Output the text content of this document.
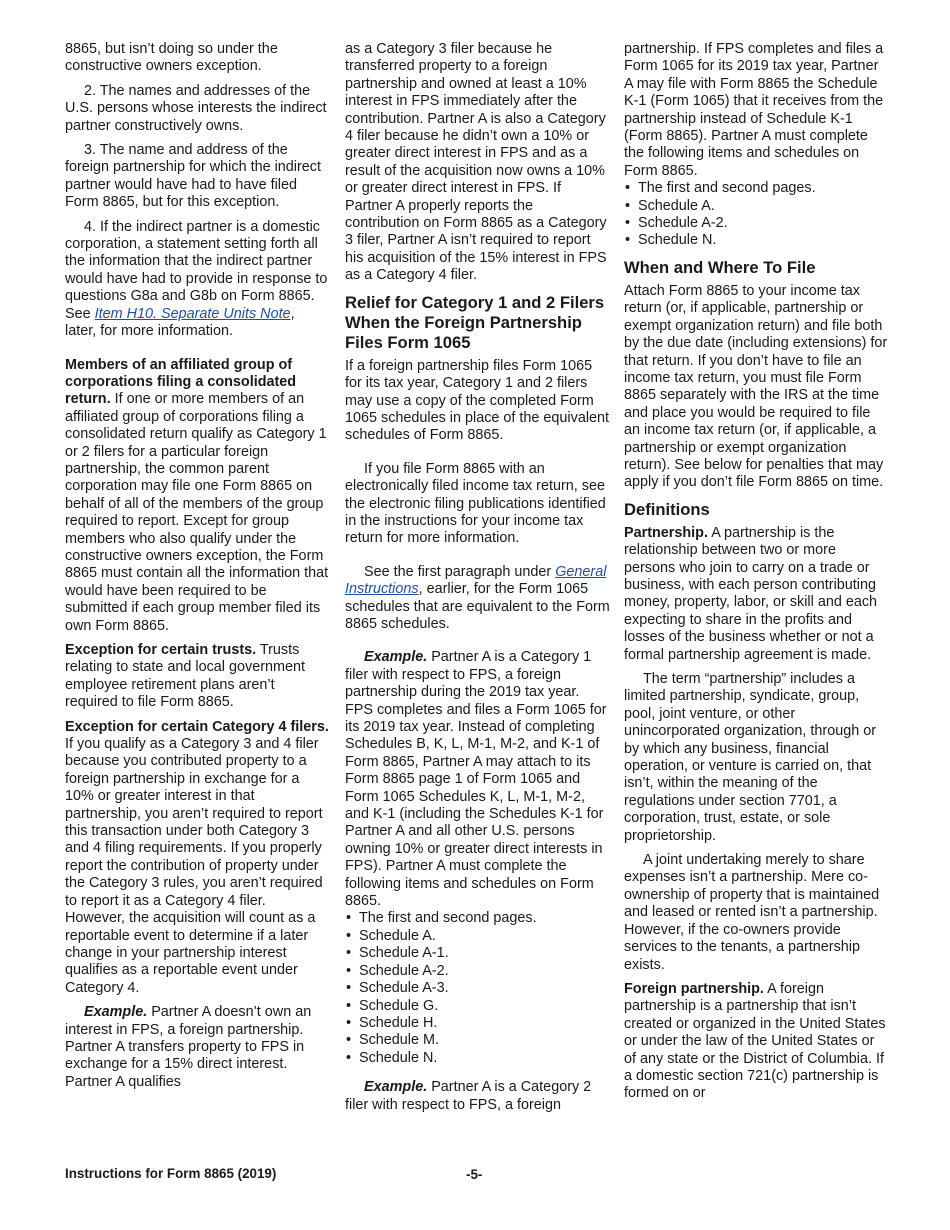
8865, but isn’t doing so under the constructive owners exception.

2. The names and addresses of the U.S. persons whose interests the indirect partner constructively owns.

3. The name and address of the foreign partnership for which the indirect partner would have had to have filed Form 8865, but for this exception.

4. If the indirect partner is a domestic corporation, a statement setting forth all the information that the indirect partner would have had to provide in response to questions G8a and G8b on Form 8865. See Item H10. Separate Units Note, later, for more information.

Members of an affiliated group of corporations filing a consolidated return. If one or more members of an affiliated group of corporations filing a consolidated return qualify as Category 1 or 2 filers for a particular foreign partnership, the common parent corporation may file one Form 8865 on behalf of all of the members of the group required to report. Except for group members who also qualify under the constructive owners exception, the Form 8865 must contain all the information that would have been required to be submitted if each group member filed its own Form 8865.

Exception for certain trusts. Trusts relating to state and local government employee retirement plans aren’t required to file Form 8865.

Exception for certain Category 4 filers. If you qualify as a Category 3 and 4 filer because you contributed property to a foreign partnership in exchange for a 10% or greater interest in that partnership, you aren’t required to report this transaction under both Category 3 and 4 filing requirements. If you properly report the contribution of property under the Category 3 rules, you aren’t required to report it as a Category 4 filer. However, the acquisition will count as a reportable event to determine if a later change in your partnership interest qualifies as a reportable event under Category 4.

Example. Partner A doesn’t own an interest in FPS, a foreign partnership. Partner A transfers property to FPS in exchange for a 15% direct interest. Partner A qualifies

as a Category 3 filer because he transferred property to a foreign partnership and owned at least a 10% interest in FPS immediately after the contribution. Partner A is also a Category 4 filer because he didn’t own a 10% or greater direct interest in FPS and as a result of the acquisition now owns a 10% or greater direct interest in FPS. If Partner A properly reports the contribution on Form 8865 as a Category 3 filer, Partner A isn’t required to report his acquisition of the 15% interest in FPS as a Category 4 filer.

Relief for Category 1 and 2 Filers When the Foreign Partnership Files Form 1065

If a foreign partnership files Form 1065 for its tax year, Category 1 and 2 filers may use a copy of the completed Form 1065 schedules in place of the equivalent schedules of Form 8865.

If you file Form 8865 with an electronically filed income tax return, see the electronic filing publications identified in the instructions for your income tax return for more information.

See the first paragraph under General Instructions, earlier, for the Form 1065 schedules that are equivalent to the Form 8865 schedules.

Example. Partner A is a Category 1 filer with respect to FPS, a foreign partnership during the 2019 tax year. FPS completes and files a Form 1065 for its 2019 tax year. Instead of completing Schedules B, K, L, M-1, M-2, and K-1 of Form 8865, Partner A may attach to its Form 8865 page 1 of Form 1065 and Form 1065 Schedules K, L, M-1, M-2, and K-1 (including the Schedules K-1 for Partner A and all other U.S. persons owning 10% or greater direct interests in FPS). Partner A must complete the following items and schedules on Form 8865.

• The first and second pages.
• Schedule A.
• Schedule A-1.
• Schedule A-2.
• Schedule A-3.
• Schedule G.
• Schedule H.
• Schedule M.
• Schedule N.

Example. Partner A is a Category 2 filer with respect to FPS, a foreign

partnership. If FPS completes and files a Form 1065 for its 2019 tax year, Partner A may file with Form 8865 the Schedule K-1 (Form 1065) that it receives from the partnership instead of Schedule K-1 (Form 8865). Partner A must complete the following items and schedules on Form 8865.

• The first and second pages.
• Schedule A.
• Schedule A-2.
• Schedule N.
When and Where To File

Attach Form 8865 to your income tax return (or, if applicable, partnership or exempt organization return) and file both by the due date (including extensions) for that return. If you don’t have to file an income tax return, you must file Form 8865 separately with the IRS at the time and place you would be required to file an income tax return (or, if applicable, a partnership or exempt organization return). See below for penalties that may apply if you don’t file Form 8865 on time.

Definitions

Partnership. A partnership is the relationship between two or more persons who join to carry on a trade or business, with each person contributing money, property, labor, or skill and each expecting to share in the profits and losses of the business whether or not a formal partnership agreement is made.

The term “partnership” includes a limited partnership, syndicate, group, pool, joint venture, or other unincorporated organization, through or by which any business, financial operation, or venture is carried on, that isn’t, within the meaning of the regulations under section 7701, a corporation, trust, estate, or sole proprietorship.

A joint undertaking merely to share expenses isn’t a partnership. Mere co-ownership of property that is maintained and leased or rented isn’t a partnership. However, if the co-owners provide services to the tenants, a partnership exists.

Foreign partnership. A foreign partnership is a partnership that isn’t created or organized in the United States or under the law of the United States or of any state or the District of Columbia. If a domestic section 721(c) partnership is formed on or

Instructions for Form 8865 (2019)	-5-
